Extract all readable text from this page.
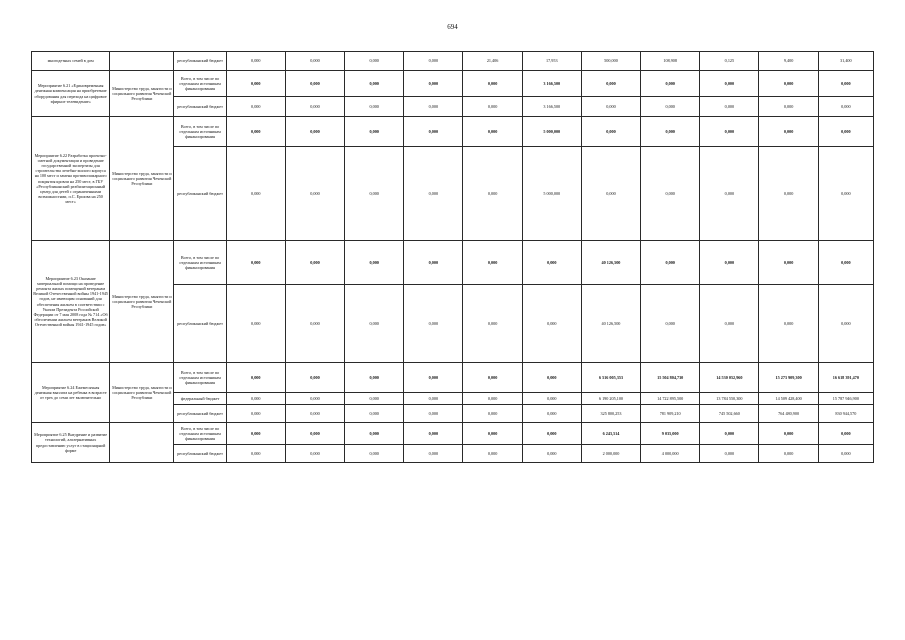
694
многодетных семей в дом		республиканский бюджет	0,000	0,000	0,000	0,000	21,406	17,953	500,000	108,908	0,125	9,400	31,400
Мероприятие 6.21 «Единовременная денежная компенсация на приобретение оборудования для перехода на цифровое эфирное телевидение»	Министерство труда, занятости и социального развития Чеченской Республики	Всего, в том числе по отдельным источникам финансирования	0,000	0,000	0,000	0,000	0,000	3 166,500	0,000	0,000	0,000	0,000	0,000
		республиканский бюджет	0,000	0,000	0,000	0,000	0,000	3 166,500	0,000	0,000	0,000	0,000	0,000
Мероприятие 6.22 Разработка проектно-сметной документации и проведение государственной экспертизы для строительства лечебно-жилого корпуса на 100 мест и замена противопожарного покрытия кровли на 250 мест, в ГБУ «Республиканский реабилитационный центр для детей с ограниченными возможностями, п.С. Ершова на 250 мест»	Министерство труда, занятости и социального развития Чеченской Республики	Всего, в том числе по отдельным источникам финансирования	0,000	0,000	0,000	0,000	0,000	5 000,000	0,000	0,000	0,000	0,000	0,000
		республиканский бюджет	0,000	0,000	0,000	0,000	0,000	5 000,000	0,000	0,000	0,000	0,000	0,000
Мероприятие 6.23 Оказание материальной помощи на проведение ремонта жилых помещений ветеранам Великой Отечественной войны 1941-1945 годов, не имеющим оснований для обеспечения жильем в соответствии с Указом Президента Российской Федерации от 7 мая 2008 года № 714 «Об обеспечении жильем ветеранов Великой Отечественной войны 1941-1945 годов»	Министерство труда, занятости и социального развития Чеченской Республики	Всего, в том числе по отдельным источникам финансирования	0,000	0,000	0,000	0,000	0,000	0,000	40 126,500	0,000	0,000	0,000	0,000
		республиканский бюджет	0,000	0,000	0,000	0,000	0,000	0,000	40 126,500	0,000	0,000	0,000	0,000
Мероприятие 6.24 Ежемесячная денежная выплата на ребенка в возрасте от трех до семи лет включительно	Министерство труда, занятости и социального развития Чеченской Республики	Всего, в том числе по отдельным источникам финансирования	0,000	0,000	0,000	0,000	0,000	0,000	6 516 005,353	15 504 804,730	14 530 052,960	15 273 909,300	16 618 391,470
		федеральный бюджет	0,000	0,000	0,000	0,000	0,000	0,000	6 190 205,100	14 722 895,500	13 784 550,300	14 509 428,400	15 787 946,900
		республиканский бюджет	0,000	0,000	0,000	0,000	0,000	0,000	325 800,253	781 909,210	745 502,660	764 480,900	830 944,570
Мероприятие 6.25 Внедрение и развитие технологий, альтернативных предоставлению услуг в стационарной форме		Всего, в том числе по отдельным источникам финансирования	0,000	0,000	0,000	0,000	0,000	0,000	6 243,514	9 035,000	0,000	0,000	0,000
		республиканский бюджет	0,000	0,000	0,000	0,000	0,000	0,000	2 000,000	4 000,000	0,000	0,000	0,000
